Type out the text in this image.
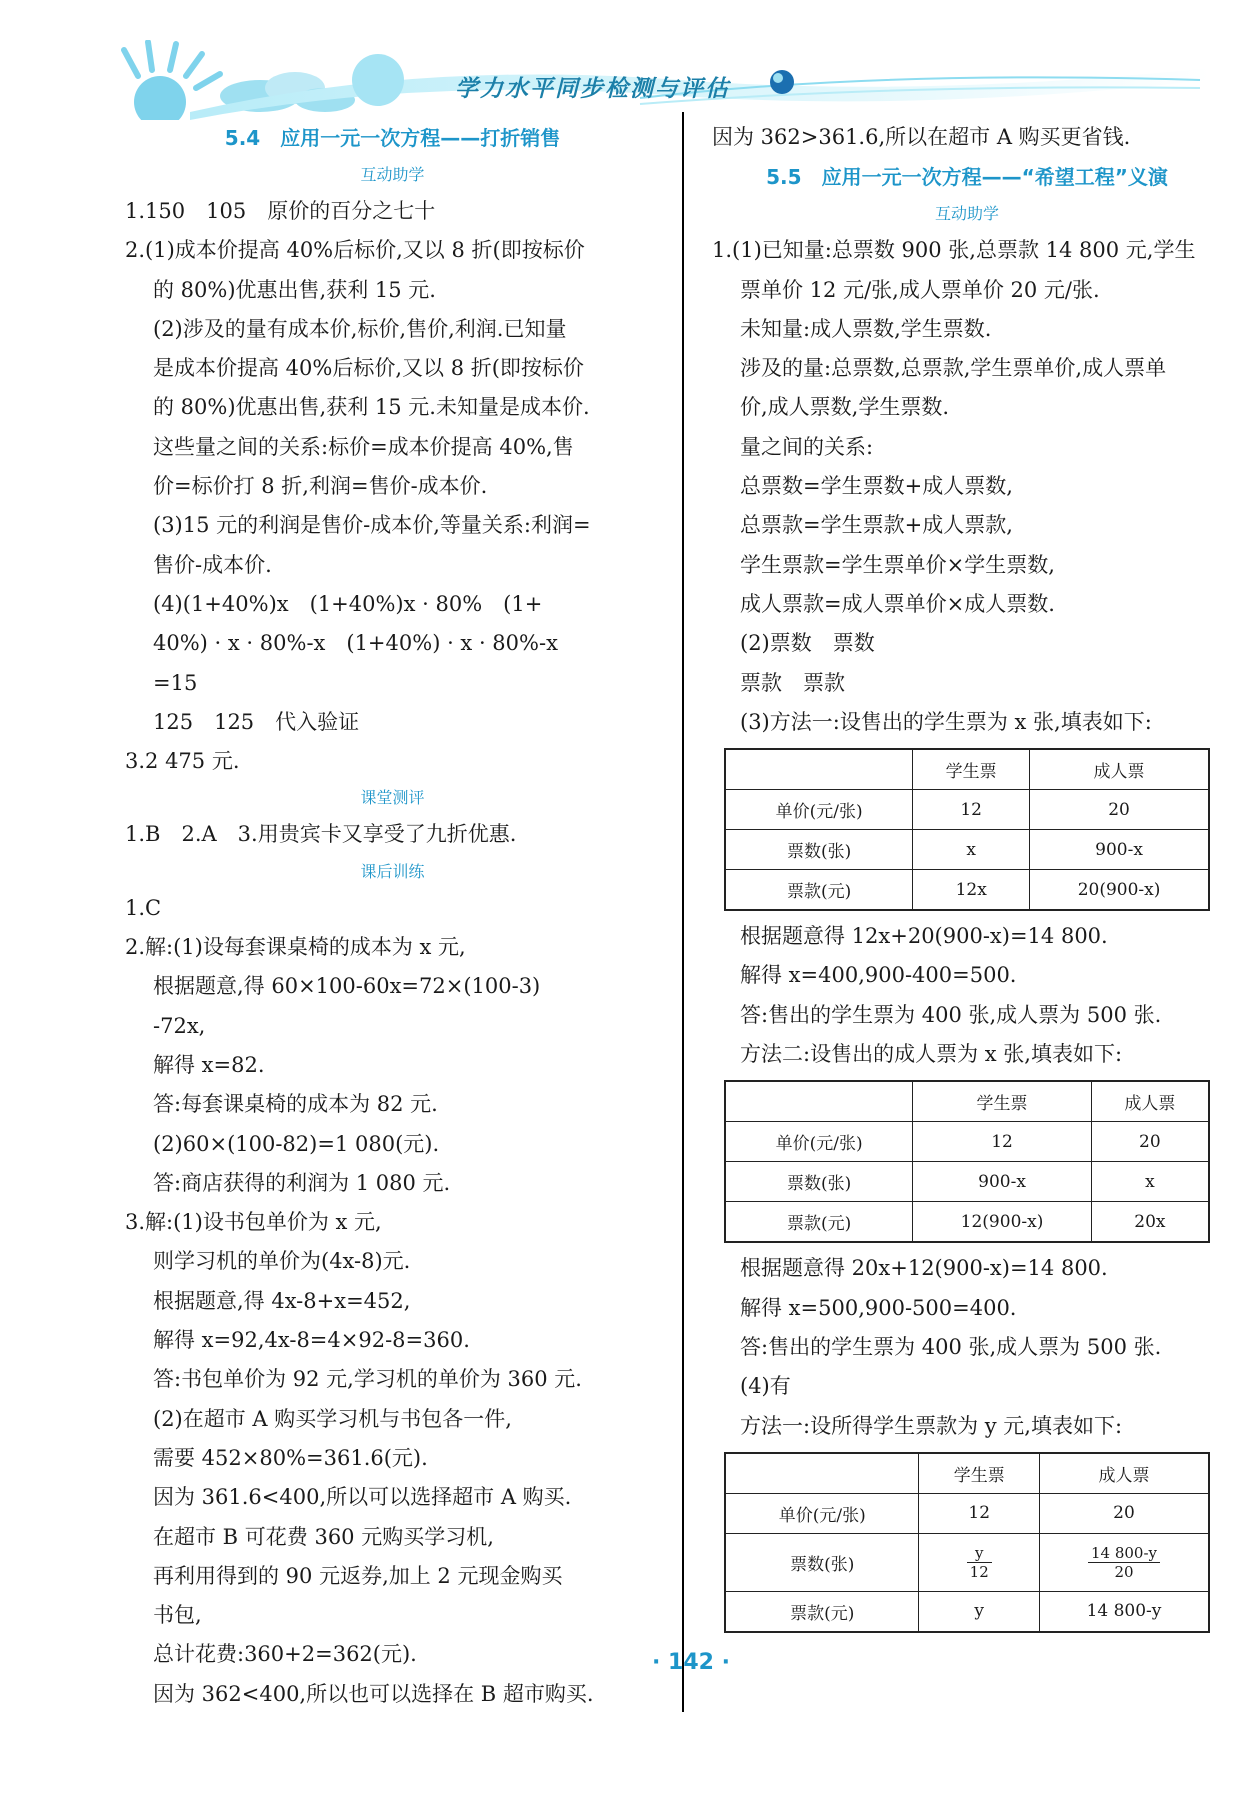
学力水平同步检测与评估
5.4　应用一元一次方程——打折销售
互动助学
1.150　105　原价的百分之七十
2.(1)成本价提高 40%后标价,又以 8 折(即按标价
的 80%)优惠出售,获利 15 元.
(2)涉及的量有成本价,标价,售价,利润.已知量
是成本价提高 40%后标价,又以 8 折(即按标价
的 80%)优惠出售,获利 15 元.未知量是成本价.
这些量之间的关系:标价=成本价提高 40%,售
价=标价打 8 折,利润=售价-成本价.
(3)15 元的利润是售价-成本价,等量关系:利润=
售价-成本价.
(4)(1+40%)x　(1+40%)x · 80%　(1+
40%) · x · 80%-x　(1+40%) · x · 80%-x
=15
125　125　代入验证
3.2 475 元.
课堂测评
1.B　2.A　3.用贵宾卡又享受了九折优惠.
课后训练
1.C
2.解:(1)设每套课桌椅的成本为 x 元,
根据题意,得 60×100-60x=72×(100-3)
-72x,
解得 x=82.
答:每套课桌椅的成本为 82 元.
(2)60×(100-82)=1 080(元).
答:商店获得的利润为 1 080 元.
3.解:(1)设书包单价为 x 元,
则学习机的单价为(4x-8)元.
根据题意,得 4x-8+x=452,
解得 x=92,4x-8=4×92-8=360.
答:书包单价为 92 元,学习机的单价为 360 元.
(2)在超市 A 购买学习机与书包各一件,
需要 452×80%=361.6(元).
因为 361.6<400,所以可以选择超市 A 购买.
在超市 B 可花费 360 元购买学习机,
再利用得到的 90 元返券,加上 2 元现金购买
书包,
总计花费:360+2=362(元).
因为 362<400,所以也可以选择在 B 超市购买.
因为 362>361.6,所以在超市 A 购买更省钱.
5.5　应用一元一次方程——“希望工程”义演
互动助学
1.(1)已知量:总票数 900 张,总票款 14 800 元,学生
票单价 12 元/张,成人票单价 20 元/张.
未知量:成人票数,学生票数.
涉及的量:总票数,总票款,学生票单价,成人票单
价,成人票数,学生票数.
量之间的关系:
总票数=学生票数+成人票数,
总票款=学生票款+成人票款,
学生票款=学生票单价×学生票数,
成人票款=成人票单价×成人票数.
(2)票数　票数
票款　票款
(3)方法一:设售出的学生票为 x 张,填表如下:
	学生票	成人票
单价(元/张)	12	20
票数(张)	x	900-x
票款(元)	12x	20(900-x)
根据题意得 12x+20(900-x)=14 800.
解得 x=400,900-400=500.
答:售出的学生票为 400 张,成人票为 500 张.
方法二:设售出的成人票为 x 张,填表如下:
	学生票	成人票
单价(元/张)	12	20
票数(张)	900-x	x
票款(元)	12(900-x)	20x
根据题意得 20x+12(900-x)=14 800.
解得 x=500,900-500=400.
答:售出的学生票为 400 张,成人票为 500 张.
(4)有
方法一:设所得学生票款为 y 元,填表如下:
	学生票	成人票
单价(元/张)	12	20
票数(张)	$\frac{y}{12}$	$\frac{14 800-y}{20}$

票款(元)	y	14 800-y
· 142 ·
